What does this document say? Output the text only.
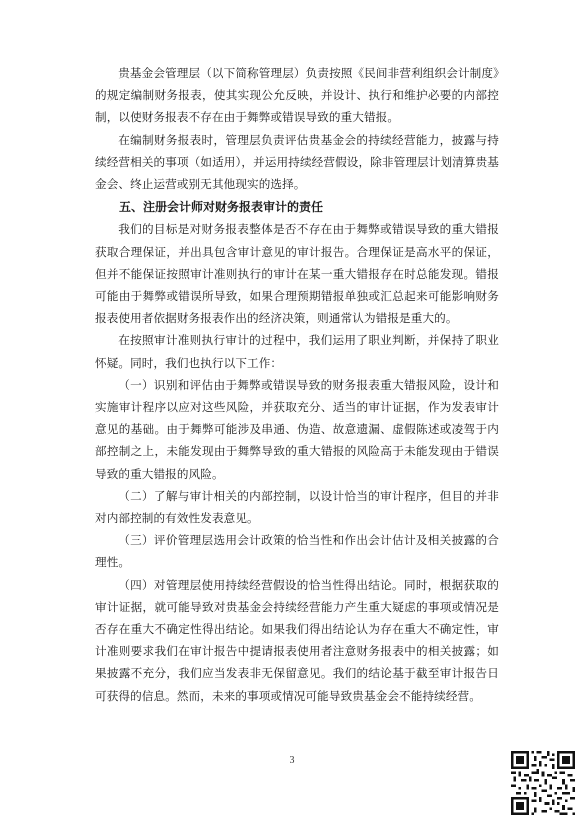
贵基金会管理层（以下简称管理层）负责按照《民间非营利组织会计制度》的规定编制财务报表，使其实现公允反映，并设计、执行和维护必要的内部控制，以使财务报表不存在由于舞弊或错误导致的重大错报。

在编制财务报表时，管理层负责评估贵基金会的持续经营能力，披露与持续经营相关的事项（如适用），并运用持续经营假设，除非管理层计划清算贵基金会、终止运营或别无其他现实的选择。

五、注册会计师对财务报表审计的责任

我们的目标是对财务报表整体是否不存在由于舞弊或错误导致的重大错报获取合理保证，并出具包含审计意见的审计报告。合理保证是高水平的保证，但并不能保证按照审计准则执行的审计在某一重大错报存在时总能发现。错报可能由于舞弊或错误所导致，如果合理预期错报单独或汇总起来可能影响财务报表使用者依据财务报表作出的经济决策，则通常认为错报是重大的。

在按照审计准则执行审计的过程中，我们运用了职业判断，并保持了职业怀疑。同时，我们也执行以下工作：

（一）识别和评估由于舞弊或错误导致的财务报表重大错报风险，设计和实施审计程序以应对这些风险，并获取充分、适当的审计证据，作为发表审计意见的基础。由于舞弊可能涉及串通、伪造、故意遗漏、虚假陈述或凌驾于内部控制之上，未能发现由于舞弊导致的重大错报的风险高于未能发现由于错误导致的重大错报的风险。

（二）了解与审计相关的内部控制，以设计恰当的审计程序，但目的并非对内部控制的有效性发表意见。

（三）评价管理层选用会计政策的恰当性和作出会计估计及相关披露的合理性。

（四）对管理层使用持续经营假设的恰当性得出结论。同时，根据获取的审计证据，就可能导致对贵基金会持续经营能力产生重大疑虑的事项或情况是否存在重大不确定性得出结论。如果我们得出结论认为存在重大不确定性，审计准则要求我们在审计报告中提请报表使用者注意财务报表中的相关披露；如果披露不充分，我们应当发表非无保留意见。我们的结论基于截至审计报告日可获得的信息。然而，未来的事项或情况可能导致贵基金会不能持续经营。

3
